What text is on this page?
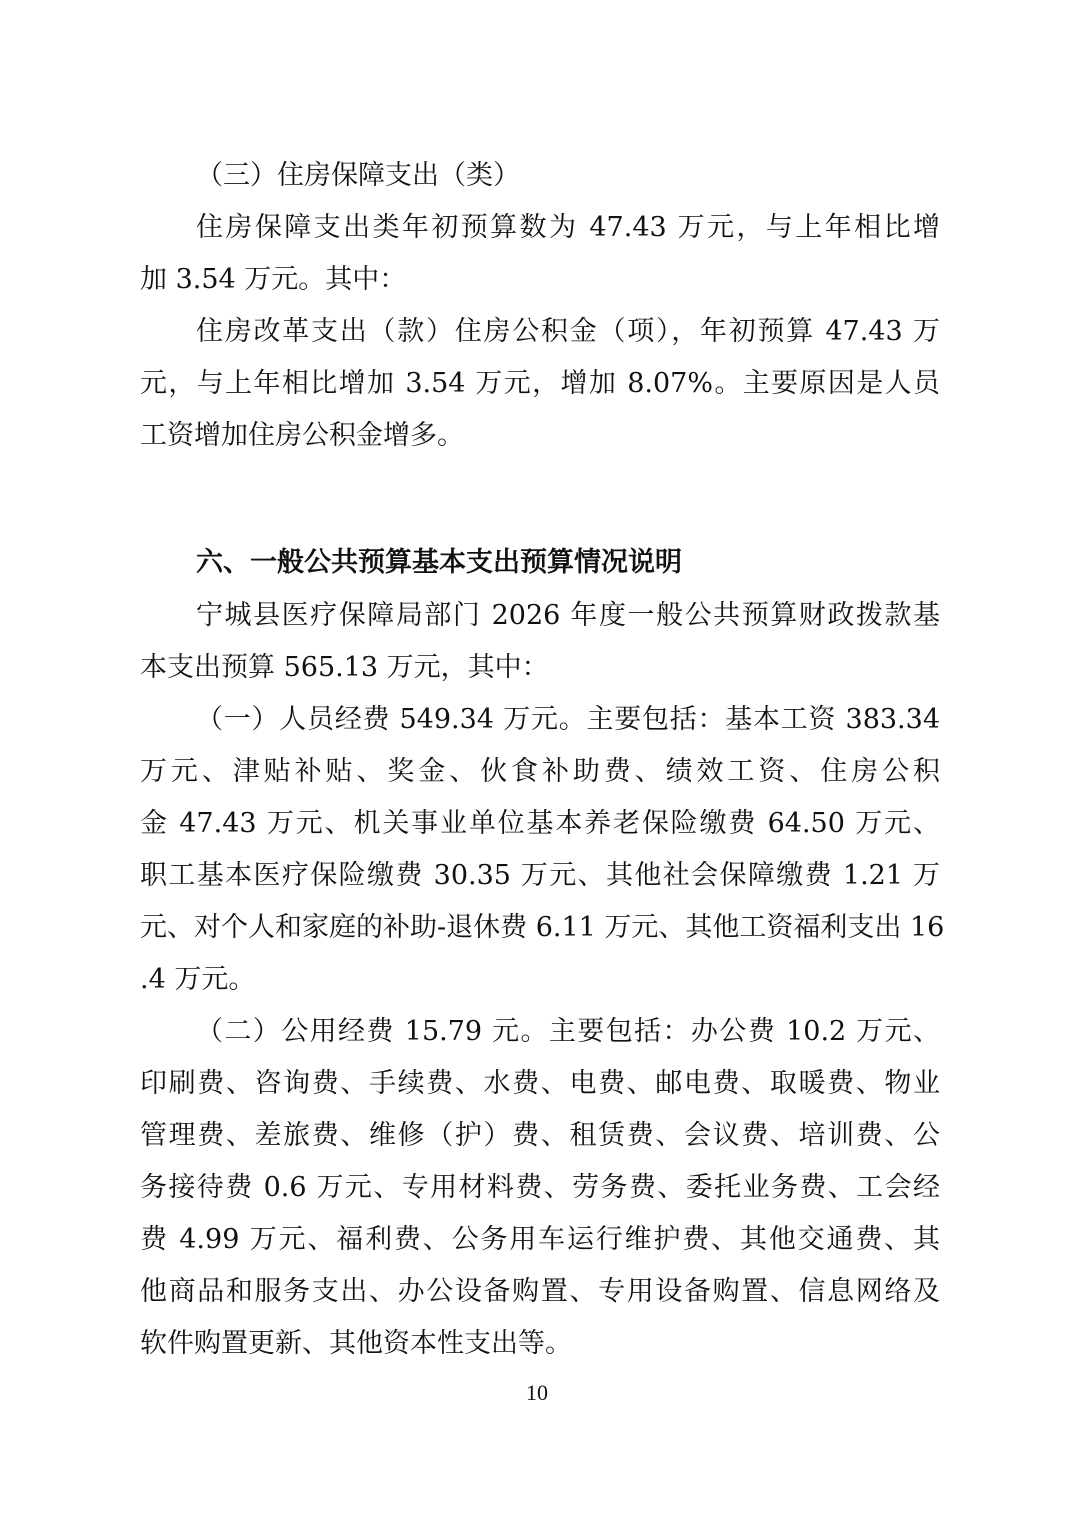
（三）住房保障支出（类）
住房保障支出类年初预算数为 47.43 万元，与上年相比增
加 3.54 万元。其中：
住房改革支出（款）住房公积金（项），年初预算 47.43 万
元，与上年相比增加 3.54 万元，增加 8.07%。主要原因是人员
工资增加住房公积金增多。
六、一般公共预算基本支出预算情况说明
宁城县医疗保障局部门 2026 年度一般公共预算财政拨款基
本支出预算 565.13 万元，其中：
（一）人员经费 549.34 万元。主要包括：基本工资 383.34
万元、津贴补贴、奖金、伙食补助费、绩效工资、住房公积
金 47.43 万元、机关事业单位基本养老保险缴费 64.50 万元、
职工基本医疗保险缴费 30.35 万元、其他社会保障缴费 1.21 万
元、对个人和家庭的补助-退休费 6.11 万元、其他工资福利支出 16
.4 万元。
（二）公用经费 15.79 元。主要包括：办公费 10.2 万元、
印刷费、咨询费、手续费、水费、电费、邮电费、取暖费、物业
管理费、差旅费、维修（护）费、租赁费、会议费、培训费、公
务接待费 0.6 万元、专用材料费、劳务费、委托业务费、工会经
费 4.99 万元、福利费、公务用车运行维护费、其他交通费、其
他商品和服务支出、办公设备购置、专用设备购置、信息网络及
软件购置更新、其他资本性支出等。
10
